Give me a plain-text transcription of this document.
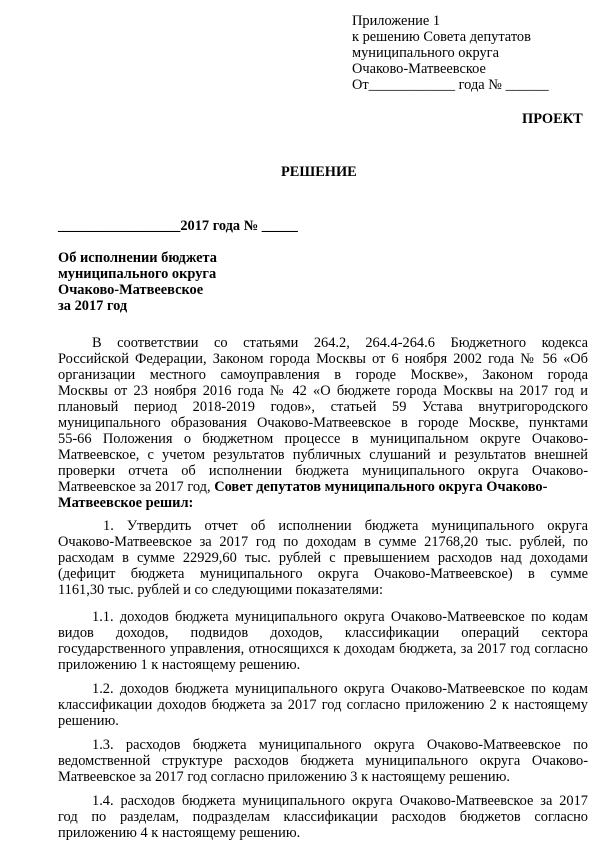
Приложение 1
к решению Совета депутатов
муниципального округа
Очаково-Матвеевское
От____________ года № ______
ПРОЕКТ
РЕШЕНИЕ
_________________2017 года № _____
Об исполнении бюджета
муниципального округа
Очаково-Матвеевское
за 2017 год
В соответствии со статьями 264.2, 264.4-264.6 Бюджетного кодекса
Российской Федерации, Законом города Москвы от 6 ноября 2002 года № 56 «Об
организации местного самоуправления в городе Москве», Законом города
Москвы от 23 ноября 2016 года № 42 «О бюджете города Москвы на 2017 год и
плановый период 2018-2019 годов», статьей 59 Устава внутригородского
муниципального образования Очаково-Матвеевское в городе Москве, пунктами
55-66 Положения о бюджетном процессе в муниципальном округе Очаково-
Матвеевское, с учетом результатов публичных слушаний и результатов внешней
проверки отчета об исполнении бюджета муниципального округа Очаково-
Матвеевское за 2017 год, Совет депутатов муниципального округа Очаково-
Матвеевское решил:
1. Утвердить отчет об исполнении бюджета муниципального округа
Очаково-Матвеевское за 2017 год по доходам в сумме 21768,20 тыс. рублей, по
расходам в сумме 22929,60 тыс. рублей с превышением расходов над доходами
(дефицит бюджета муниципального округа Очаково-Матвеевское) в сумме
1161,30 тыс. рублей и со следующими показателями:
1.1. доходов бюджета муниципального округа Очаково-Матвеевское по кодам
видов доходов, подвидов доходов, классификации операций сектора
государственного управления, относящихся к доходам бюджета, за 2017 год согласно
приложению 1 к настоящему решению.
1.2. доходов бюджета муниципального округа Очаково-Матвеевское по кодам
классификации доходов бюджета за 2017 год согласно приложению 2 к настоящему
решению.
1.3. расходов бюджета муниципального округа Очаково-Матвеевское по
ведомственной структуре расходов бюджета муниципального округа Очаково-
Матвеевское за 2017 год согласно приложению 3 к настоящему решению.
1.4. расходов бюджета муниципального округа Очаково-Матвеевское за 2017
год по разделам, подразделам классификации расходов бюджетов согласно
приложению 4 к настоящему решению.
